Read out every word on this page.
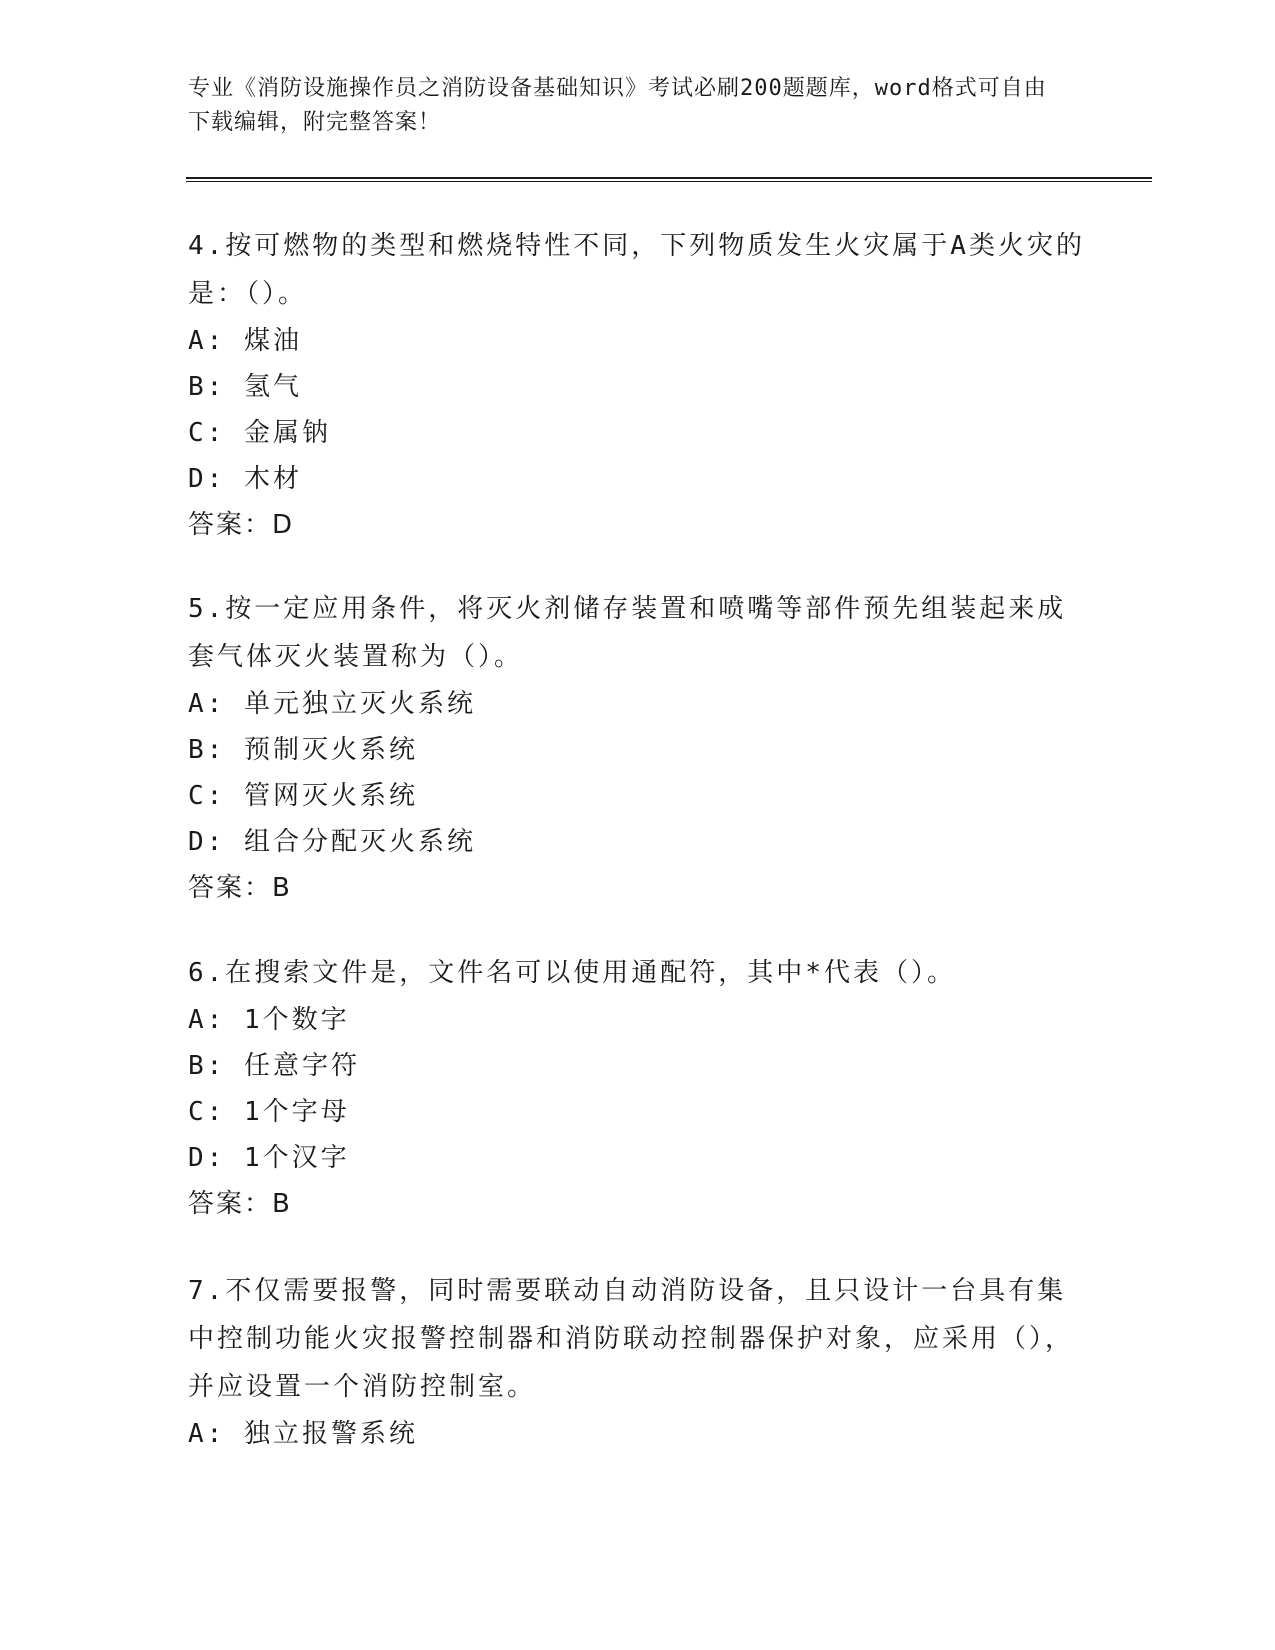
专业《消防设施操作员之消防设备基础知识》考试必刷200题题库，word格式可自由下载编辑，附完整答案！

4.按可燃物的类型和燃烧特性不同，下列物质发生火灾属于A类火灾的是：（）。

A: 煤油

B: 氢气

C: 金属钠

D: 木材

答案：D

5.按一定应用条件，将灭火剂储存装置和喷嘴等部件预先组装起来成套气体灭火装置称为（）。

A: 单元独立灭火系统

B: 预制灭火系统

C: 管网灭火系统

D: 组合分配灭火系统

答案：B

6.在搜索文件是，文件名可以使用通配符，其中*代表（）。

A: 1个数字

B: 任意字符

C: 1个字母

D: 1个汉字

答案：B

7.不仅需要报警，同时需要联动自动消防设备，且只设计一台具有集中控制功能火灾报警控制器和消防联动控制器保护对象，应采用（），并应设置一个消防控制室。

A: 独立报警系统
